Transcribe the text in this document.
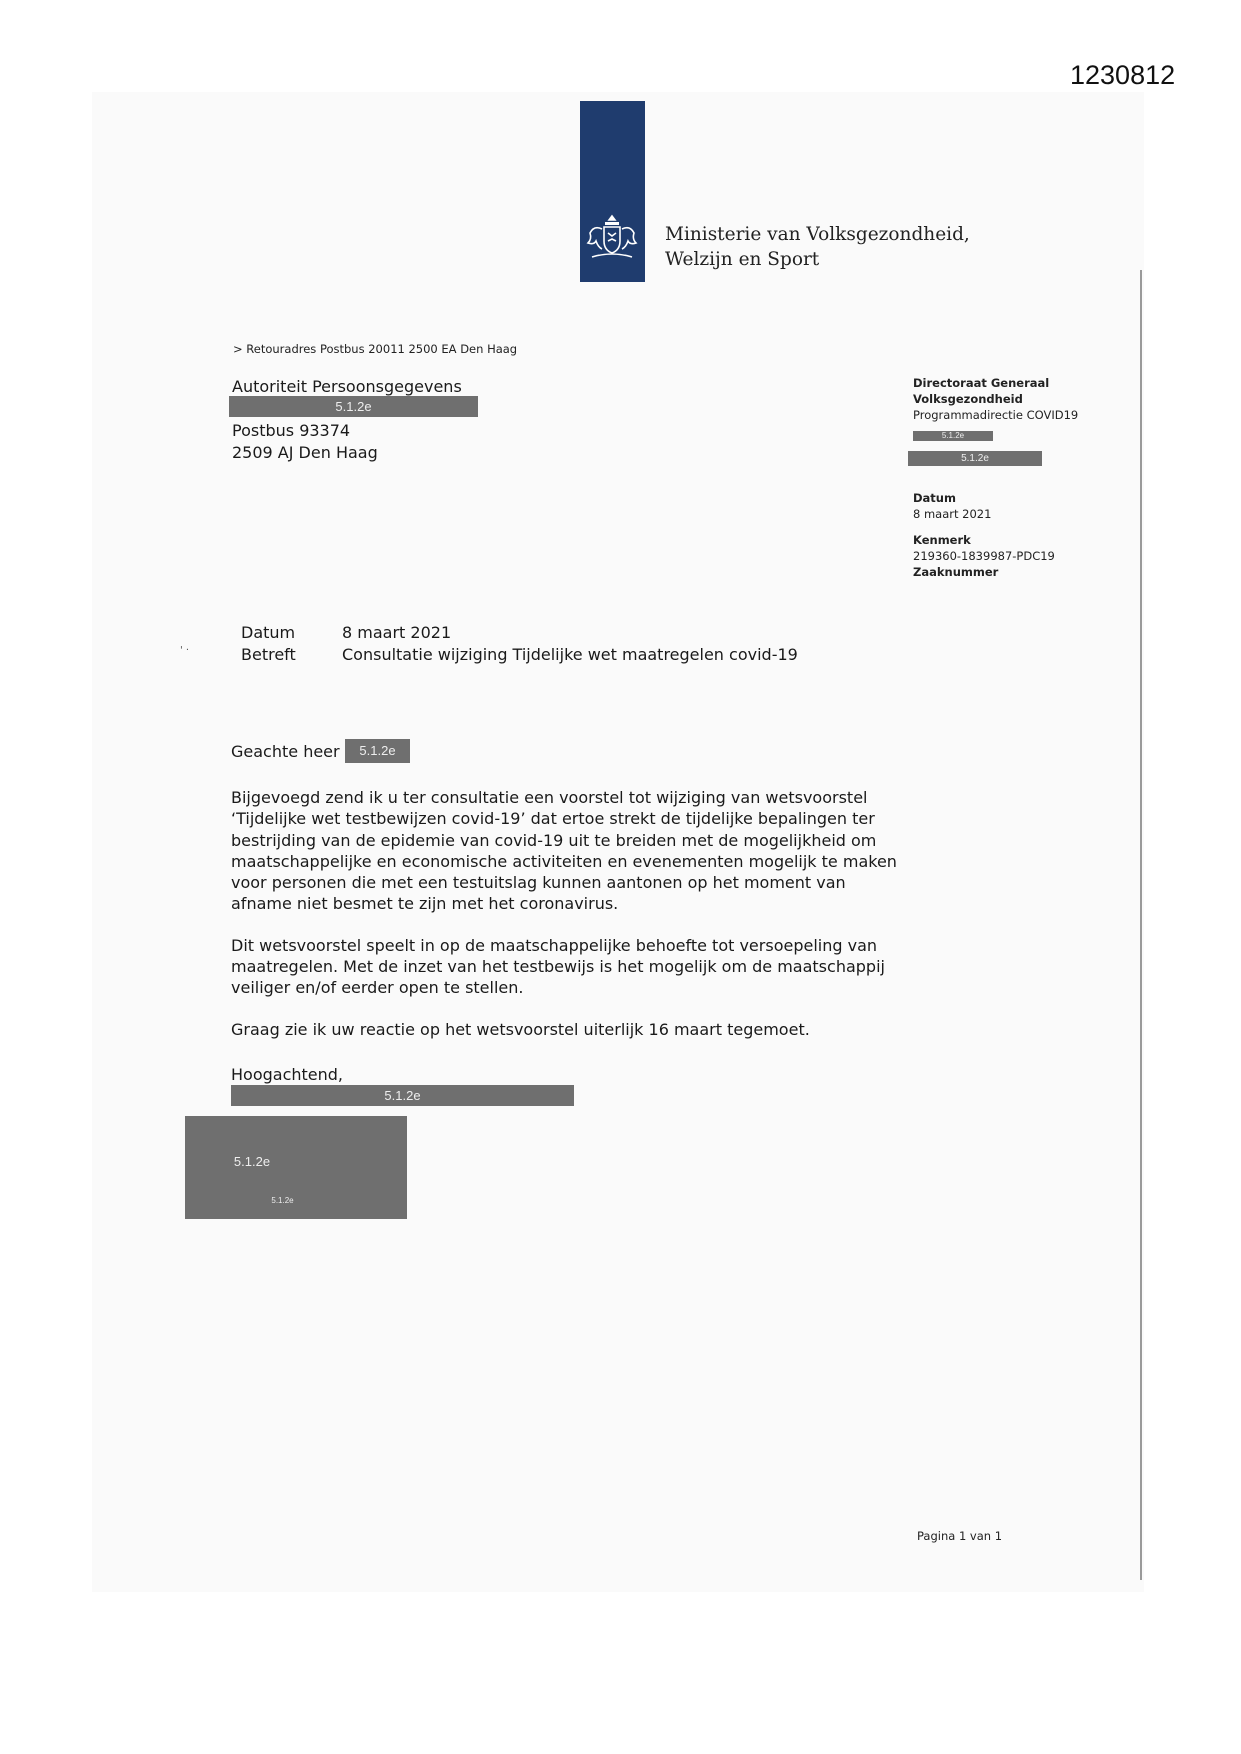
1230812
Ministerie van Volksgezondheid,
Welzijn en Sport
> Retouradres Postbus 20011 2500 EA Den Haag
Autoriteit Persoonsgegevens
Postbus 93374
2509 AJ Den Haag
5.1.2e
Directoraat Generaal
Volksgezondheid
Programmadirectie COVID19
Datum
8 maart 2021
Kenmerk
219360-1839987-PDC19
Zaaknummer
5.1.2e
5.1.2e
' ·
Datum	8 maart 2021
Betreft	Consultatie wijziging Tijdelijke wet maatregelen covid-19
Geachte heer	5.1.2e

Bijgevoegd zend ik u ter consultatie een voorstel tot wijziging van wetsvoorstel ‘Tijdelijke wet testbewijzen covid-19’ dat ertoe strekt de tijdelijke bepalingen ter bestrijding van de epidemie van covid-19 uit te breiden met de mogelijkheid om maatschappelijke en economische activiteiten en evenementen mogelijk te maken voor personen die met een testuitslag kunnen aantonen op het moment van afname niet besmet te zijn met het coronavirus.

Dit wetsvoorstel speelt in op de maatschappelijke behoefte tot versoepeling van maatregelen. Met de inzet van het testbewijs is het mogelijk om de maatschappij veiliger en/of eerder open te stellen.

Graag zie ik uw reactie op het wetsvoorstel uiterlijk 16 maart tegemoet.

Hoogachtend,
5.1.2e
5.1.2e
5.1.2e
Pagina 1 van 1
